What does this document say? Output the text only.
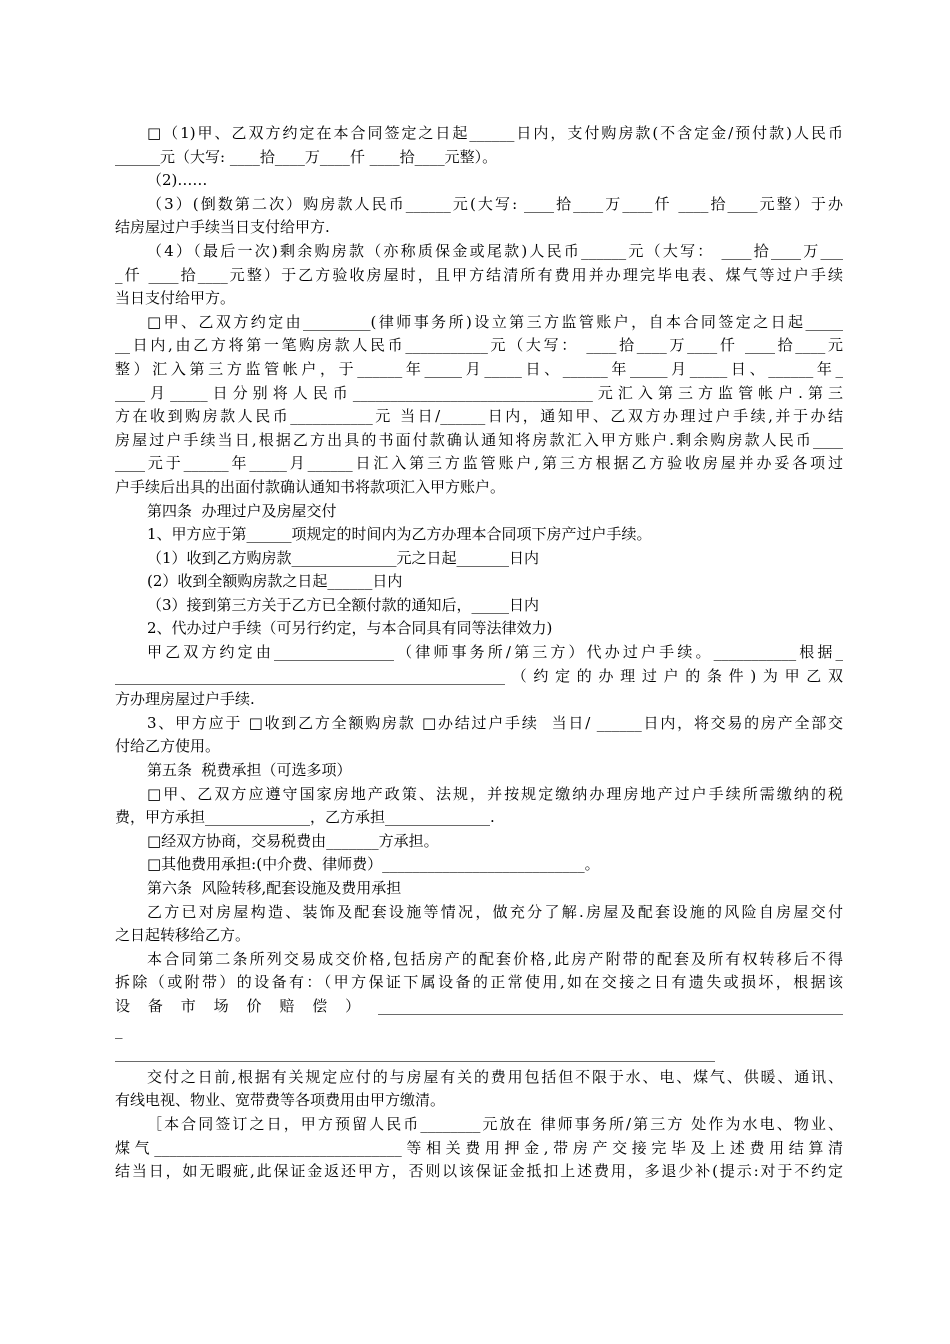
□（1)甲、乙双方约定在本合同签定之日起______日内，支付购房款(不含定金/预付款)人民币
______元（大写: ____拾____万____仟 ____拾____元整）。
（2)……
（3）(倒数第二次）购房款人民币______元(大写: ____拾____万____仟 ____拾____元整）于办
结房屋过户手续当日支付给甲方.
（4）（最后一次)剩余购房款（亦称质保金或尾款)人民币______元（大写： ____拾____万___
_仟 ____拾____元整）于乙方验收房屋时，且甲方结清所有费用并办理完毕电表、煤气等过户手续
当日支付给甲方。
□甲、乙双方约定由_________(律师事务所)设立第三方监管账户，自本合同签定之日起_____
__日内,由乙方将第一笔购房款人民币___________元（大写： ____拾____万____仟 ____拾____元
整）汇入第三方监管帐户，于______年_____月_____日、______年_____月_____日、______年_
____月_____日分别将人民币________________________________元汇入第三方监管帐户.第三
方在收到购房款人民币___________元 当日/______日内，通知甲、乙双方办理过户手续,并于办结
房屋过户手续当日,根据乙方出具的书面付款确认通知将房款汇入甲方账户.剩余购房款人民币____
____元于______年_____月______日汇入第三方监管账户,第三方根据乙方验收房屋并办妥各项过
户手续后出具的出面付款确认通知书将款项汇入甲方账户。
第四条  办理过户及房屋交付
1、甲方应于第______项规定的时间内为乙方办理本合同项下房产过户手续。
（1）收到乙方购房款______________元之日起_______日内
(2）收到全额购房款之日起______日内
（3）接到第三方关于乙方已全额付款的通知后，_____日内
2、代办过户手续（可另行约定，与本合同具有同等法律效力)
甲乙双方约定由________________（律师事务所/第三方）代办过户手续。___________根据_
____________________________________________________（约定的办理过户的条件)为甲乙双
方办理房屋过户手续.
3、甲方应于 □收到乙方全额购房款 □办结过户手续  当日/ ______日内，将交易的房产全部交
付给乙方使用。
第五条  税费承担（可选多项）
□甲、乙双方应遵守国家房地产政策、法规，并按规定缴纳办理房地产过户手续所需缴纳的税
费，甲方承担______________，乙方承担______________.
□经双方协商，交易税费由_______方承担。
□其他费用承担:(中介费、律师费）___________________________。
第六条  风险转移,配套设施及费用承担
乙方已对房屋构造、装饰及配套设施等情况，做充分了解.房屋及配套设施的风险自房屋交付
之日起转移给乙方。
本合同第二条所列交易成交价格,包括房产的配套价格,此房产附带的配套及所有权转移后不得
拆除（或附带）的设备有：（甲方保证下属设备的正常使用,如在交接之日有遗失或损坏，根据该
设备市场价赔偿）______________________________________________________________
_
________________________________________________________________________________
交付之日前,根据有关规定应付的与房屋有关的费用包括但不限于水、电、煤气、供暖、通讯、
有线电视、物业、宽带费等各项费用由甲方缴清。
［本合同签订之日，甲方预留人民币________元放在 律师事务所/第三方 处作为水电、物业、
煤气_________________________________等相关费用押金,带房产交接完毕及上述费用结算清
结当日，如无暇疵,此保证金返还甲方，否则以该保证金抵扣上述费用，多退少补(提示:对于不约定
